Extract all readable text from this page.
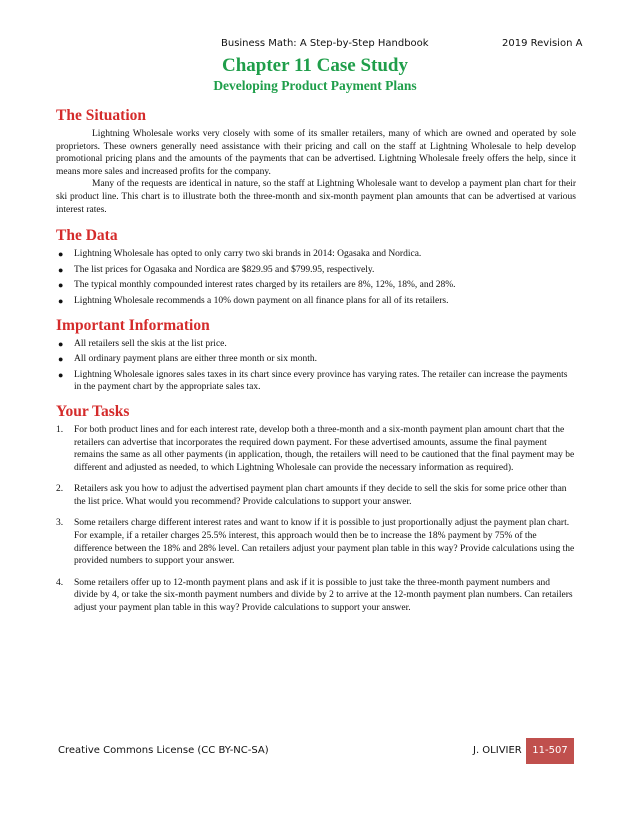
Business Math: A Step-by-Step Handbook	2019 Revision A
Chapter 11 Case Study
Developing Product Payment Plans
The Situation

Lightning Wholesale works very closely with some of its smaller retailers, many of which are owned and operated by sole proprietors. These owners generally need assistance with their pricing and call on the staff at Lightning Wholesale to help develop promotional pricing plans and the amounts of the payments that can be advertised. Lightning Wholesale freely offers the help, since it means more sales and increased profits for the company.

Many of the requests are identical in nature, so the staff at Lightning Wholesale want to develop a payment plan chart for their ski product line. This chart is to illustrate both the three-month and six-month payment plan amounts that can be advertised at various interest rates.

The Data
● Lightning Wholesale has opted to only carry two ski brands in 2014: Ogasaka and Nordica.
● The list prices for Ogasaka and Nordica are $829.95 and $799.95, respectively.
● The typical monthly compounded interest rates charged by its retailers are 8%, 12%, 18%, and 28%.
● Lightning Wholesale recommends a 10% down payment on all finance plans for all of its retailers.
Important Information
● All retailers sell the skis at the list price.
● All ordinary payment plans are either three month or six month.
● Lightning Wholesale ignores sales taxes in its chart since every province has varying rates. The retailer can increase the payments in the payment chart by the appropriate sales tax.
Your Tasks
1. For both product lines and for each interest rate, develop both a three-month and a six-month payment plan amount chart that the retailers can advertise that incorporates the required down payment. For these advertised amounts, assume the final payment remains the same as all other payments (in application, though, the retailers will need to be cautioned that the final payment may be different and adjusted as needed, to which Lightning Wholesale can provide the necessary information as required).
2. Retailers ask you how to adjust the advertised payment plan chart amounts if they decide to sell the skis for some price other than the list price. What would you recommend? Provide calculations to support your answer.
3. Some retailers charge different interest rates and want to know if it is possible to just proportionally adjust the payment plan chart. For example, if a retailer charges 25.5% interest, this approach would then be to increase the 18% payment by 75% of the difference between the 18% and 28% level. Can retailers adjust your payment plan table in this way? Provide calculations using the provided numbers to support your answer.
4. Some retailers offer up to 12-month payment plans and ask if it is possible to just take the three-month payment numbers and divide by 4, or take the six-month payment numbers and divide by 2 to arrive at the 12-month payment plan numbers. Can retailers adjust your payment plan table in this way? Provide calculations to support your answer.
Creative Commons License (CC BY-NC-SA)	J. OLIVIER	11-507
